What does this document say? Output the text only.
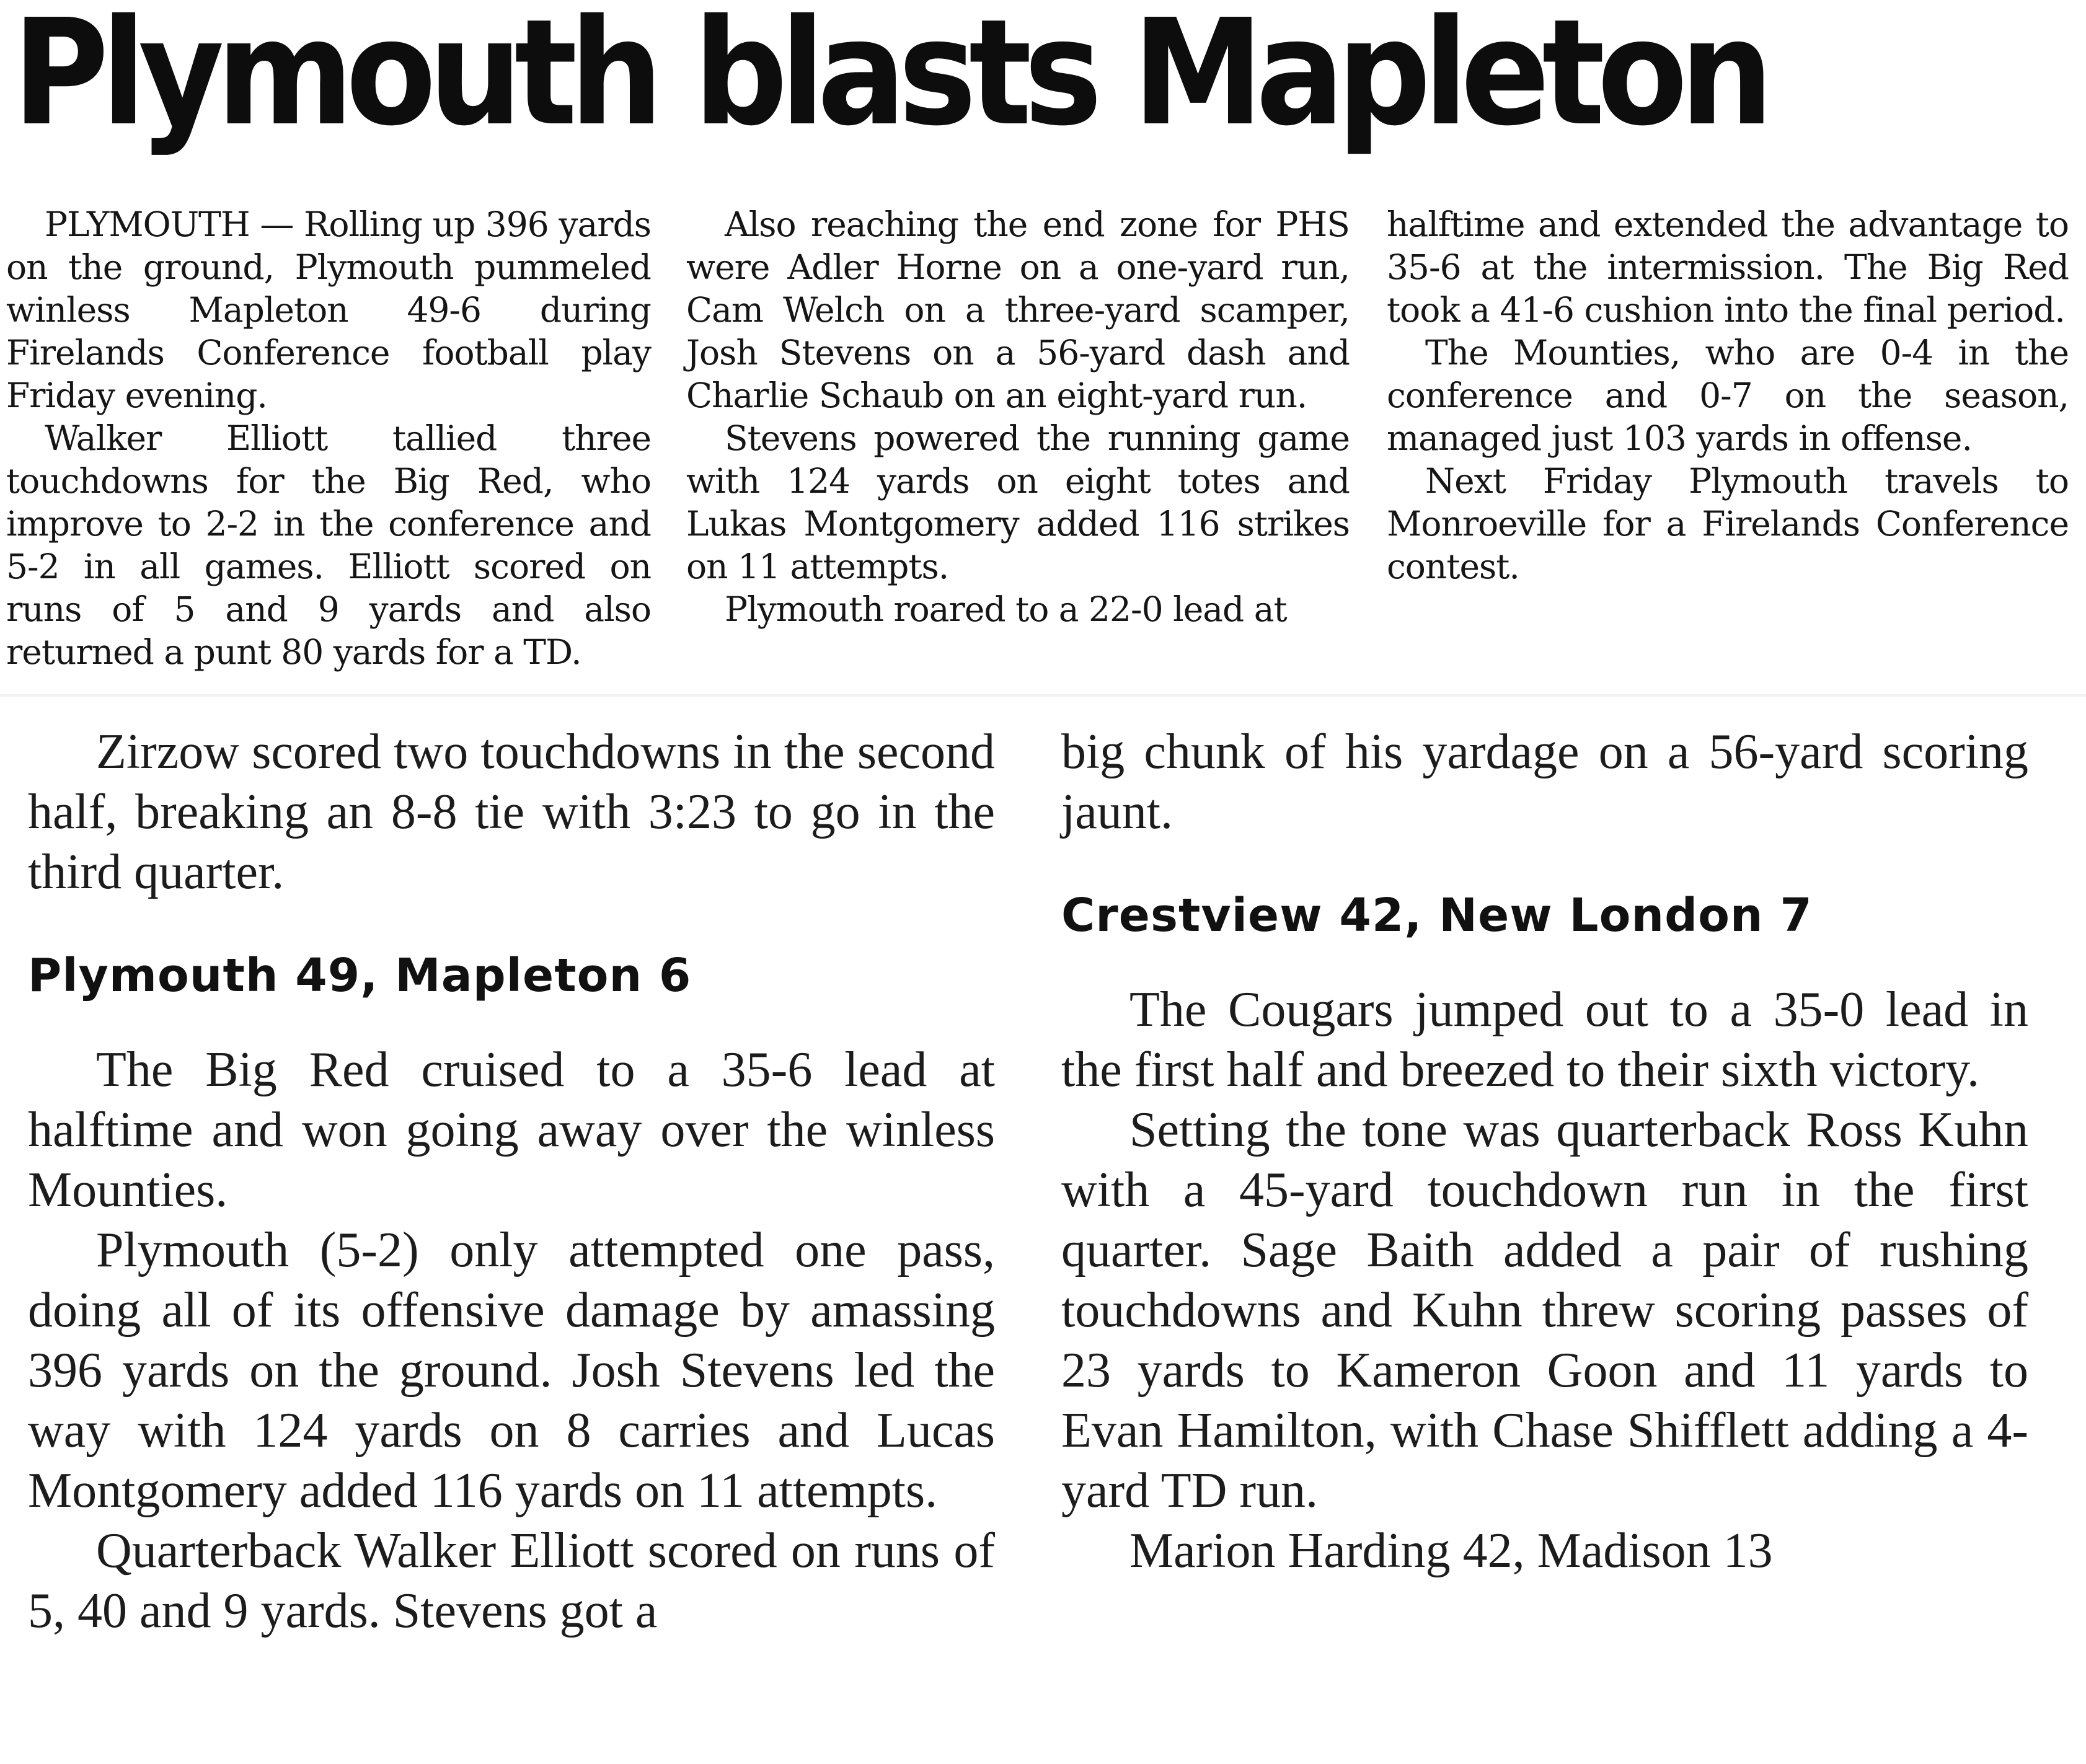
Plymouth blasts Mapleton

PLYMOUTH — Rolling up 396 yards on the ground, Plymouth pummeled winless Mapleton 49-6 during Firelands Conference football play Friday evening.

Walker Elliott tallied three touchdowns for the Big Red, who improve to 2-2 in the conference and 5-2 in all games. Elliott scored on runs of 5 and 9 yards and also returned a punt 80 yards for a TD.

Also reaching the end zone for PHS were Adler Horne on a one-yard run, Cam Welch on a three-yard scamper, Josh Stevens on a 56-yard dash and Charlie Schaub on an eight-yard run.

Stevens powered the running game with 124 yards on eight totes and Lukas Montgomery added 116 strikes on 11 attempts.

Plymouth roared to a 22-0 lead at

halftime and extended the advantage to 35-6 at the intermission. The Big Red took a 41-6 cushion into the final period.

The Mounties, who are 0-4 in the conference and 0-7 on the season, managed just 103 yards in offense.

Next Friday Plymouth travels to Monroeville for a Firelands Conference contest.

Zirzow scored two touchdowns in the second half, breaking an 8-8 tie with 3:23 to go in the third quarter.

Plymouth 49, Mapleton 6

The Big Red cruised to a 35-6 lead at halftime and won going away over the winless Mounties.

Plymouth (5-2) only attempted one pass, doing all of its offensive damage by amassing 396 yards on the ground. Josh Stevens led the way with 124 yards on 8 carries and Lucas Montgomery added 116 yards on 11 attempts.

Quarterback Walker Elliott scored on runs of 5, 40 and 9 yards. Stevens got a

big chunk of his yardage on a 56-yard scoring jaunt.

Crestview 42, New London 7

The Cougars jumped out to a 35-0 lead in the first half and breezed to their sixth victory.

Setting the tone was quarterback Ross Kuhn with a 45-yard touchdown run in the first quarter. Sage Baith added a pair of rushing touchdowns and Kuhn threw scoring passes of 23 yards to Kameron Goon and 11 yards to Evan Hamilton, with Chase Shifflett adding a 4-yard TD run.

Marion Harding 42, Madison 13
